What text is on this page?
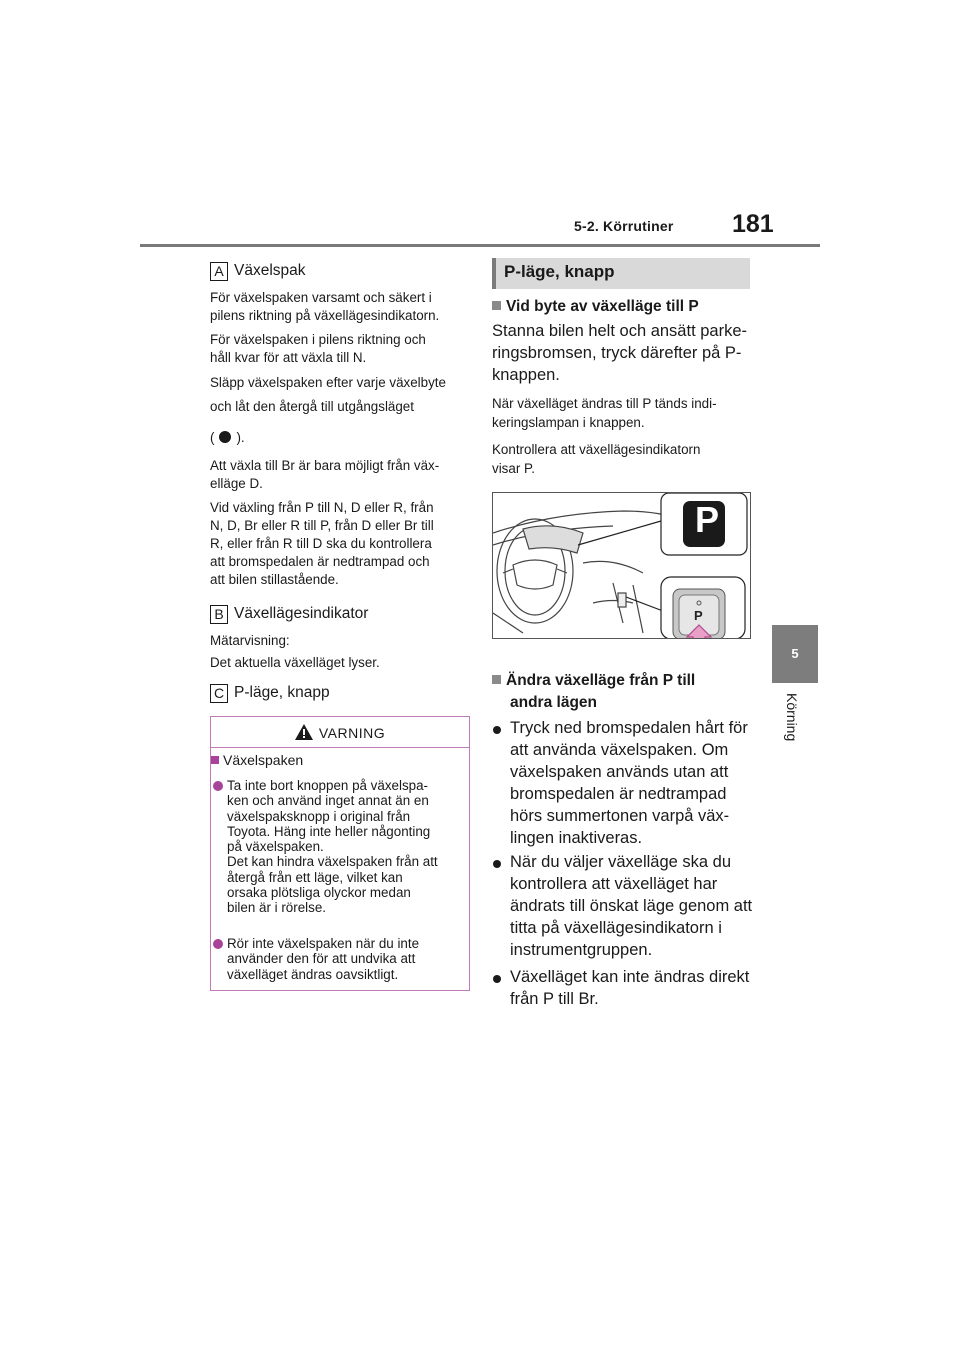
5-2. Körrutiner 181
5
Körning
A Växelspak
För växelspaken varsamt och säkert i
pilens riktning på växellägesindikatorn.
För växelspaken i pilens riktning och
håll kvar för att växla till N.
Släpp växelspaken efter varje växelbyte
och låt den återgå till utgångsläget
( ).
Att växla till Br är bara möjligt från väx-
elläge D.
Vid växling från P till N, D eller R, från
N, D, Br eller R till P, från D eller Br till
R, eller från R till D ska du kontrollera
att bromspedalen är nedtrampad och
att bilen stillastående.
B Växellägesindikator
Mätarvisning:
Det aktuella växelläget lyser.
C P-läge, knapp
VARNING
Växelspaken
Ta inte bort knoppen på växelspa-
ken och använd inget annat än en
växelspaksknopp i original från
Toyota. Häng inte heller någonting
på växelspaken.
Det kan hindra växelspaken från att
återgå från ett läge, vilket kan
orsaka plötsliga olyckor medan
bilen är i rörelse.
Rör inte växelspaken när du inte
använder den för att undvika att
växelläget ändras oavsiktligt.
P-läge, knapp
Vid byte av växelläge till P
Stanna bilen helt och ansätt parke-
ringsbromsen, tryck därefter på P-
knappen.
När växelläget ändras till P tänds indi-
keringslampan i knappen.
Kontrollera att växellägesindikatorn
visar P.
P
P
Ändra växelläge från P till
andra lägen
Tryck ned bromspedalen hårt för
att använda växelspaken. Om
växelspaken används utan att
bromspedalen är nedtrampad
hörs summertonen varpå väx-
lingen inaktiveras.
När du väljer växelläge ska du
kontrollera att växelläget har
ändrats till önskat läge genom att
titta på växellägesindikatorn i
instrumentgruppen.
Växelläget kan inte ändras direkt
från P till Br.
